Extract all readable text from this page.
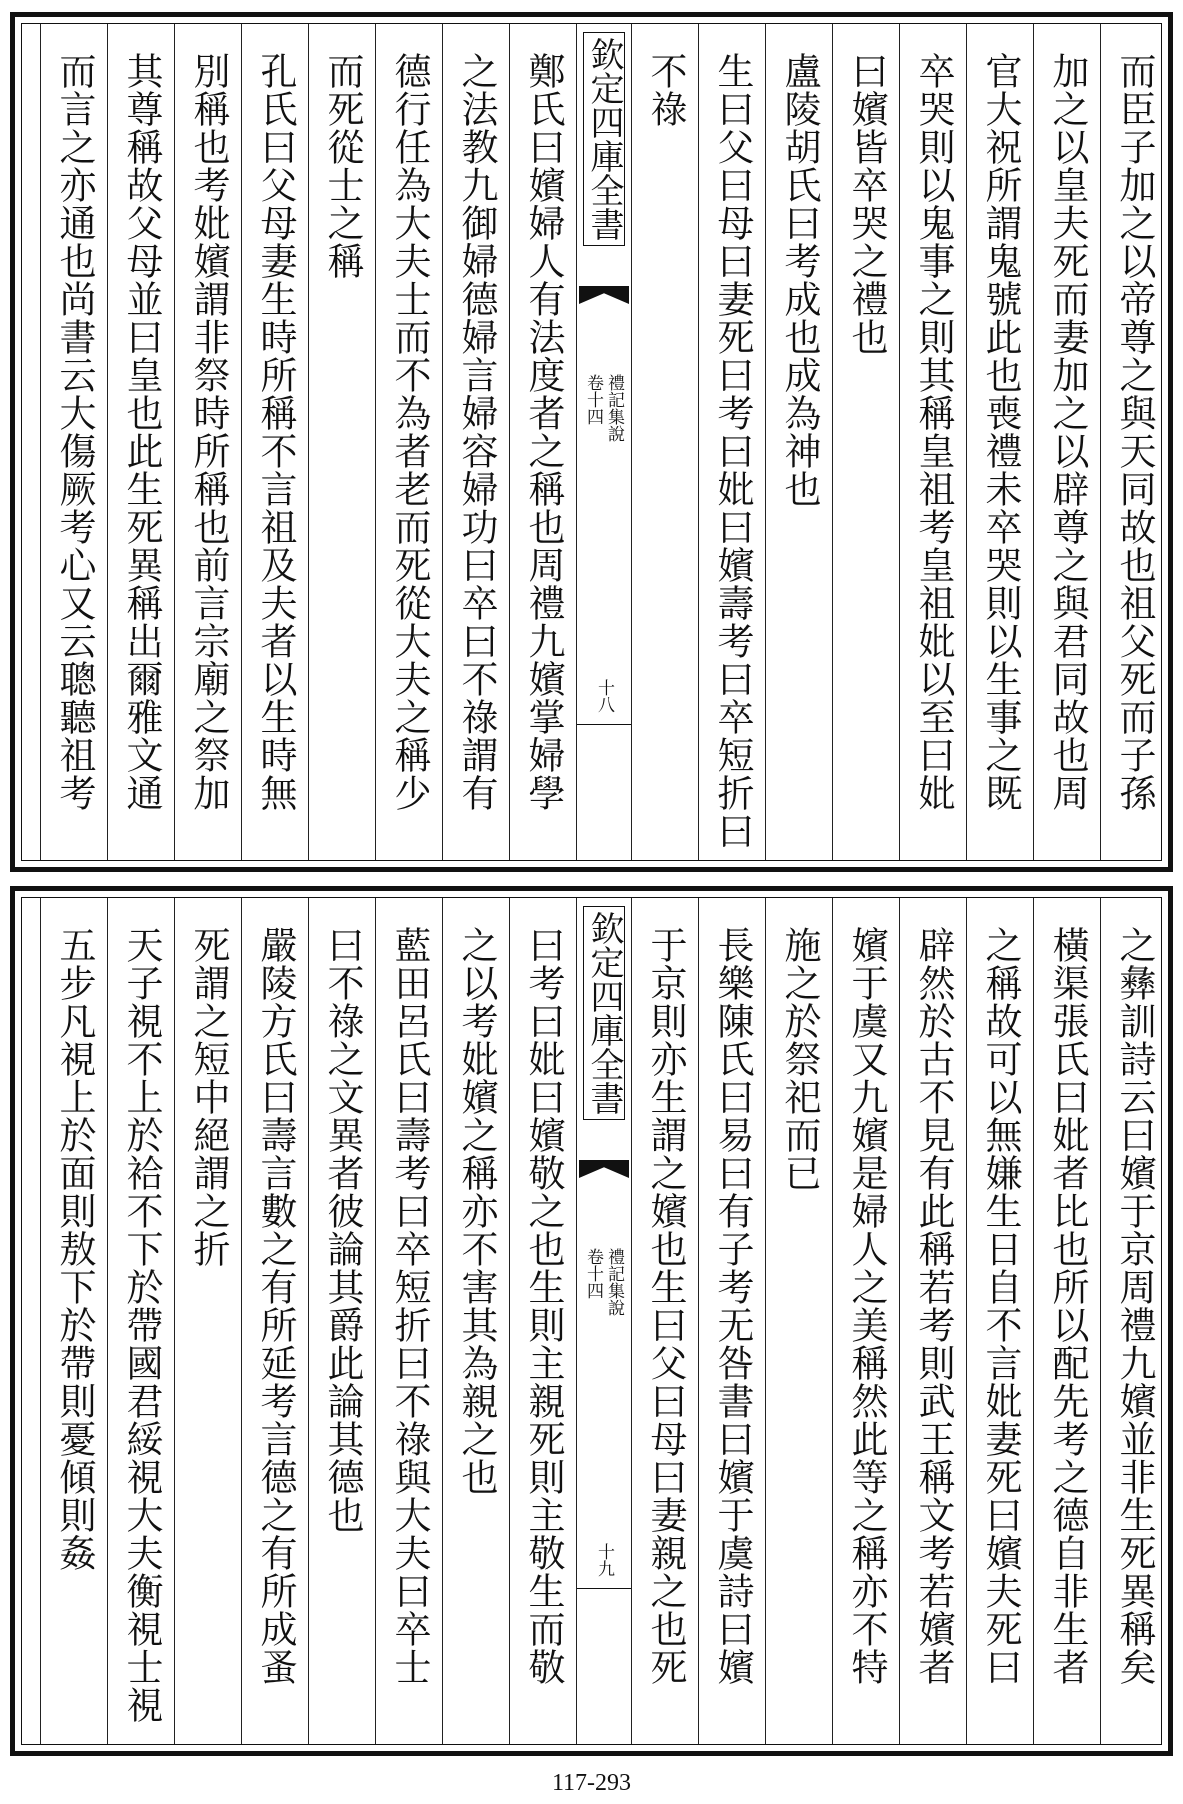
而臣子加之以帝尊之與天同故也祖父死而子孫
加之以皇夫死而妻加之以辟尊之與君同故也周
官大祝所謂鬼號此也喪禮未卒哭則以生事之既
卒哭則以鬼事之則其稱皇祖考皇祖妣以至曰妣
曰嬪皆卒哭之禮也
盧陵胡氏曰考成也成為神也
生曰父曰母曰妻死曰考曰妣曰嬪壽考曰卒短折曰
不祿
欽定四庫全書
禮記集說
卷十四
十八
鄭氏曰嬪婦人有法度者之稱也周禮九嬪掌婦學
之法教九御婦德婦言婦容婦功曰卒曰不祿謂有
德行任為大夫士而不為者老而死從大夫之稱少
而死從士之稱
孔氏曰父母妻生時所稱不言祖及夫者以生時無
別稱也考妣嬪謂非祭時所稱也前言宗廟之祭加
其尊稱故父母並曰皇也此生死異稱出爾雅文通
而言之亦通也尚書云大傷厥考心又云聰聽祖考
之彝訓詩云曰嬪于京周禮九嬪並非生死異稱矣
橫渠張氏曰妣者比也所以配先考之德自非生者
之稱故可以無嫌生日自不言妣妻死曰嬪夫死曰
辟然於古不見有此稱若考則武王稱文考若嬪者
嬪于虞又九嬪是婦人之美稱然此等之稱亦不特
施之於祭祀而已
長樂陳氏曰易曰有子考无咎書曰嬪于虞詩曰嬪
于京則亦生謂之嬪也生曰父曰母曰妻親之也死
欽定四庫全書
禮記集說
卷十四
十九
曰考曰妣曰嬪敬之也生則主親死則主敬生而敬
之以考妣嬪之稱亦不害其為親之也
藍田呂氏曰壽考曰卒短折曰不祿與大夫曰卒士
曰不祿之文異者彼論其爵此論其德也
嚴陵方氏曰壽言數之有所延考言德之有所成蚤
死謂之短中絕謂之折
天子視不上於袷不下於帶國君綏視大夫衡視士視
五步凡視上於面則敖下於帶則憂傾則姦
117-293
